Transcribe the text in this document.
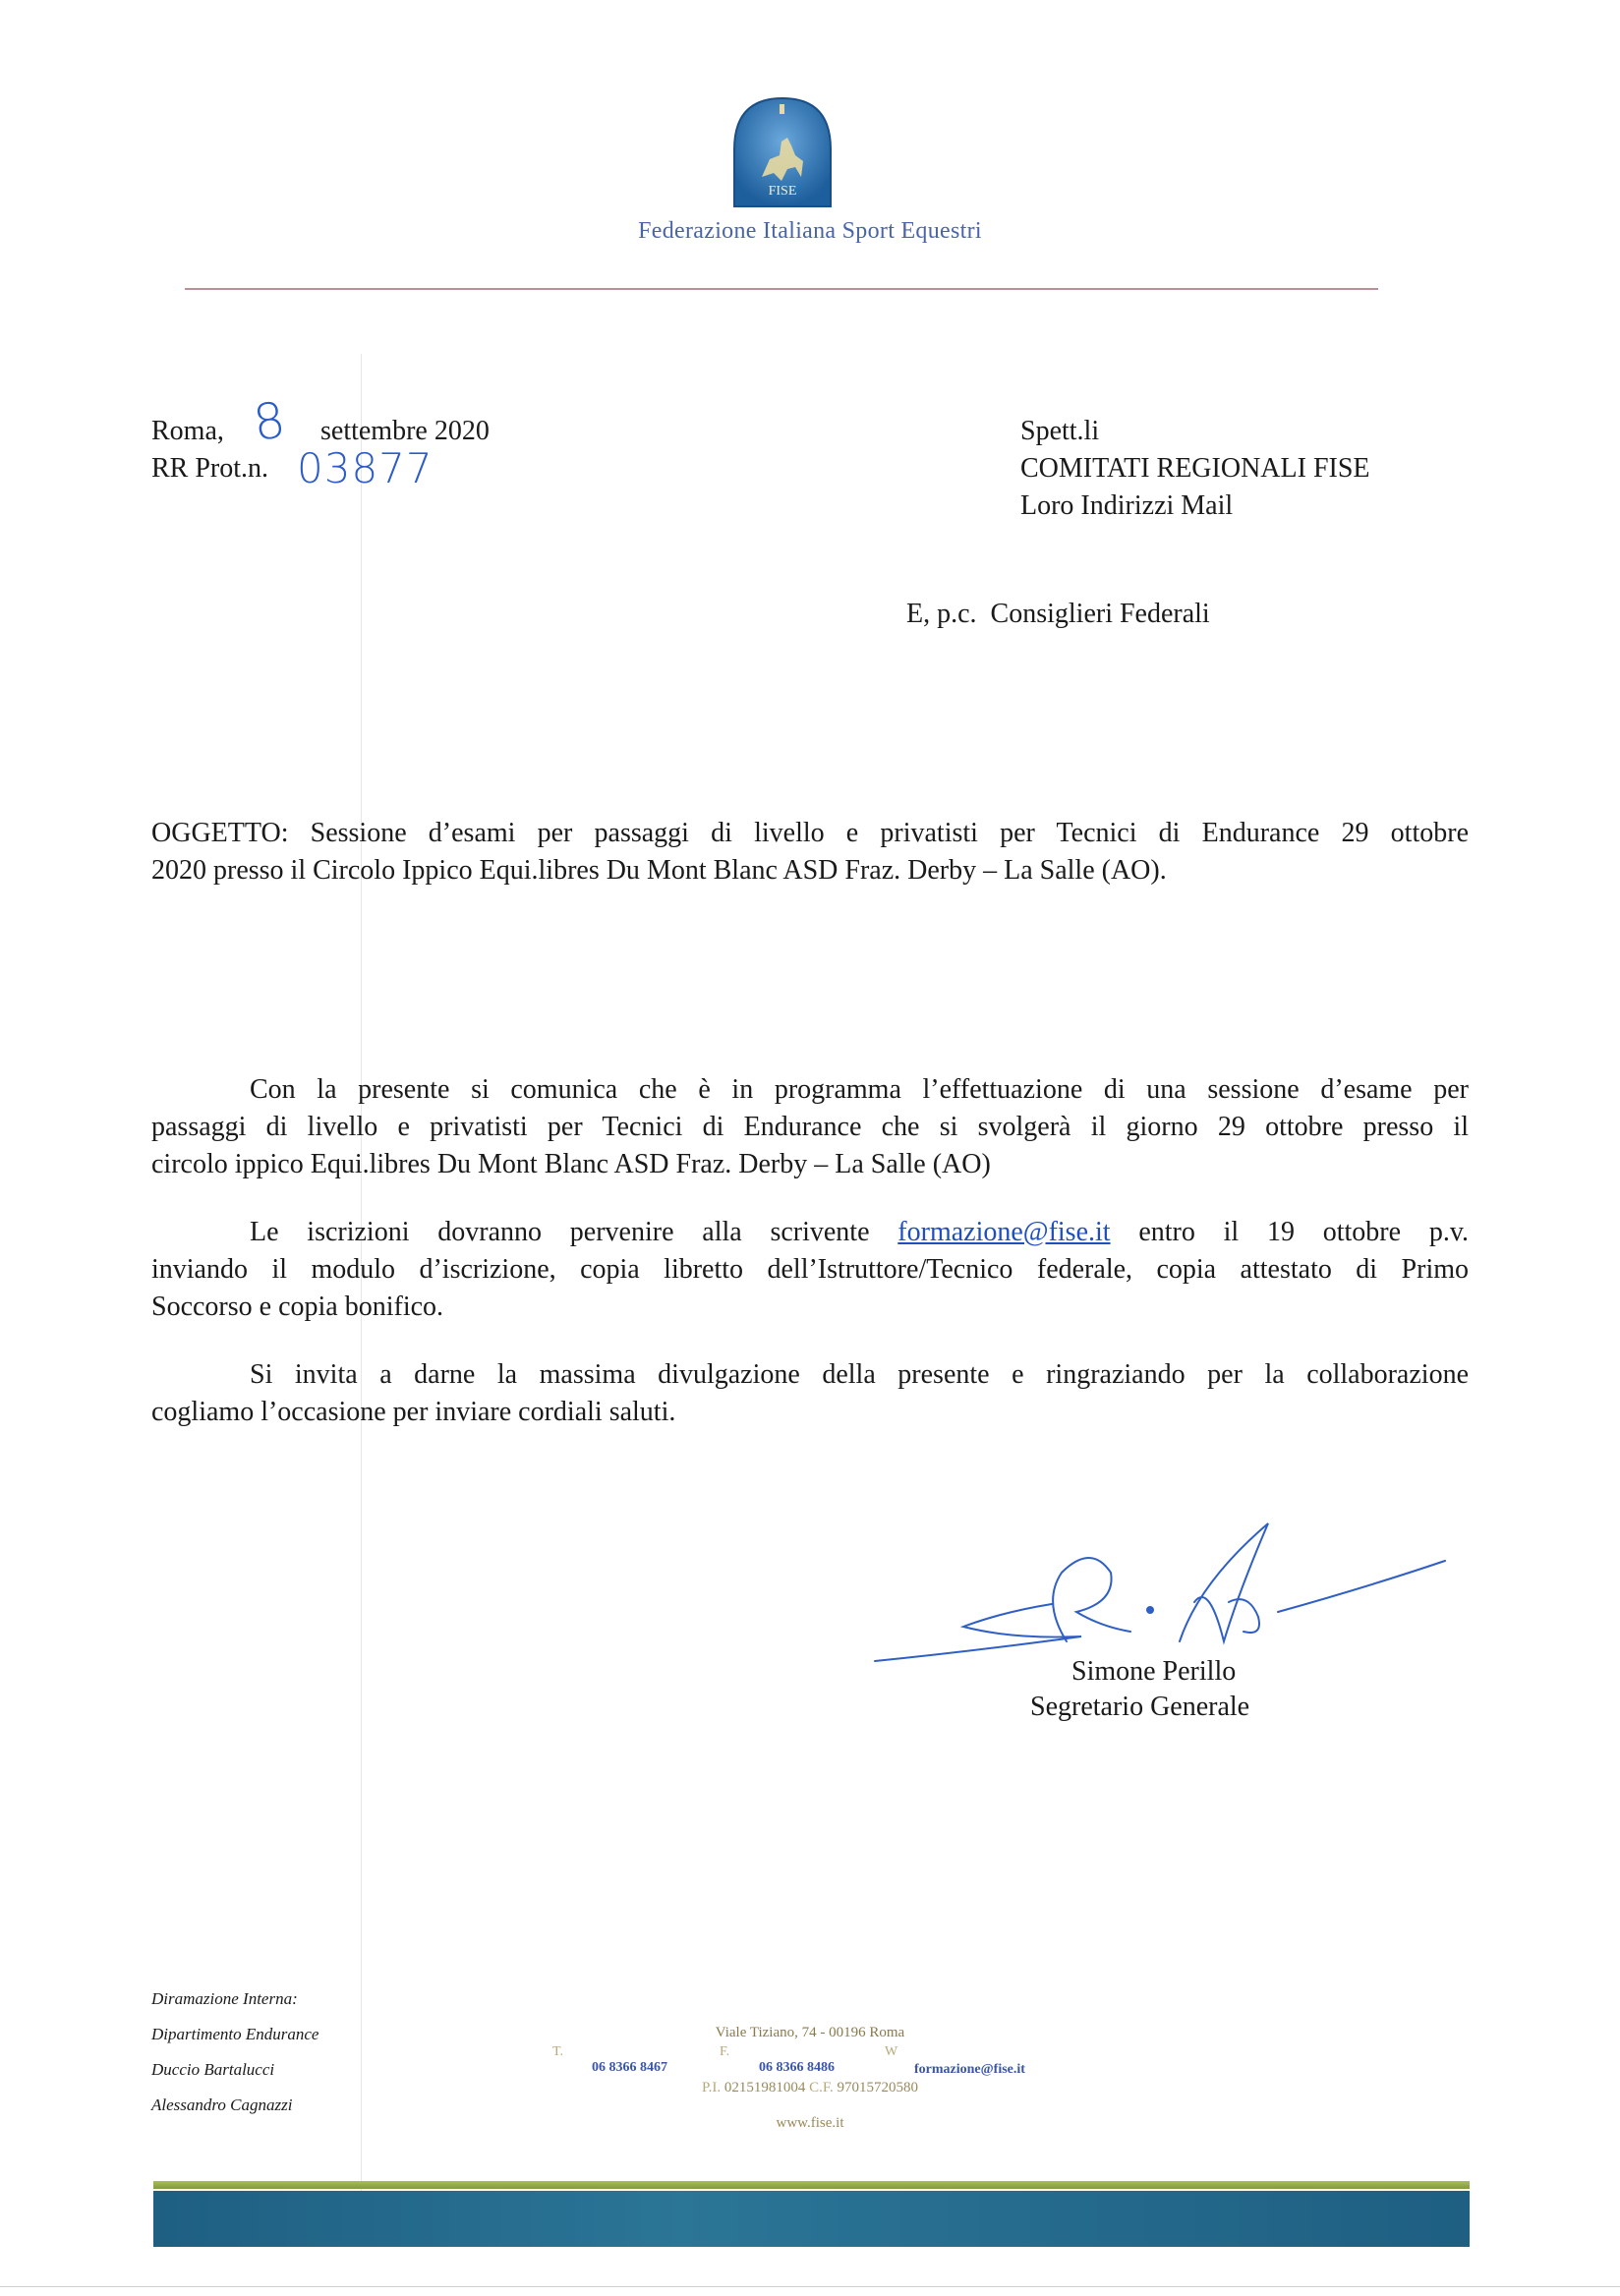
FISE
Federazione Italiana Sport Equestri
Roma, 8 settembre 2020
RR Prot.n. 03877
Spett.li
COMITATI REGIONALI FISE
Loro Indirizzi Mail
E, p.c.  Consiglieri Federali
OGGETTO: Sessione d’esami per passaggi di livello e privatisti per Tecnici di Endurance 29 ottobre
2020 presso il Circolo Ippico Equi.libres Du Mont Blanc ASD Fraz. Derby – La Salle (AO).
Con la presente si comunica che è in programma l’effettuazione di una sessione d’esame per
passaggi di livello e privatisti per Tecnici di Endurance che si svolgerà il giorno 29 ottobre presso il
circolo ippico Equi.libres Du Mont Blanc ASD Fraz. Derby – La Salle (AO)
Le iscrizioni dovranno pervenire alla scrivente formazione@fise.it entro il 19 ottobre p.v.
inviando il modulo d’iscrizione, copia libretto dell’Istruttore/Tecnico federale, copia attestato di Primo
Soccorso e copia bonifico.
Si invita a darne la massima divulgazione della presente e ringraziando per la collaborazione
cogliamo l’occasione per inviare cordiali saluti.
Simone Perillo
Segretario Generale
Diramazione Interna:
Dipartimento Endurance
Duccio Bartalucci
Alessandro Cagnazzi
Viale Tiziano, 74 - 00196 Roma
T.
06 8366 8467
F.
06 8366 8486
W
formazione@fise.it
P.I. 02151981004 C.F. 97015720580
www.fise.it
